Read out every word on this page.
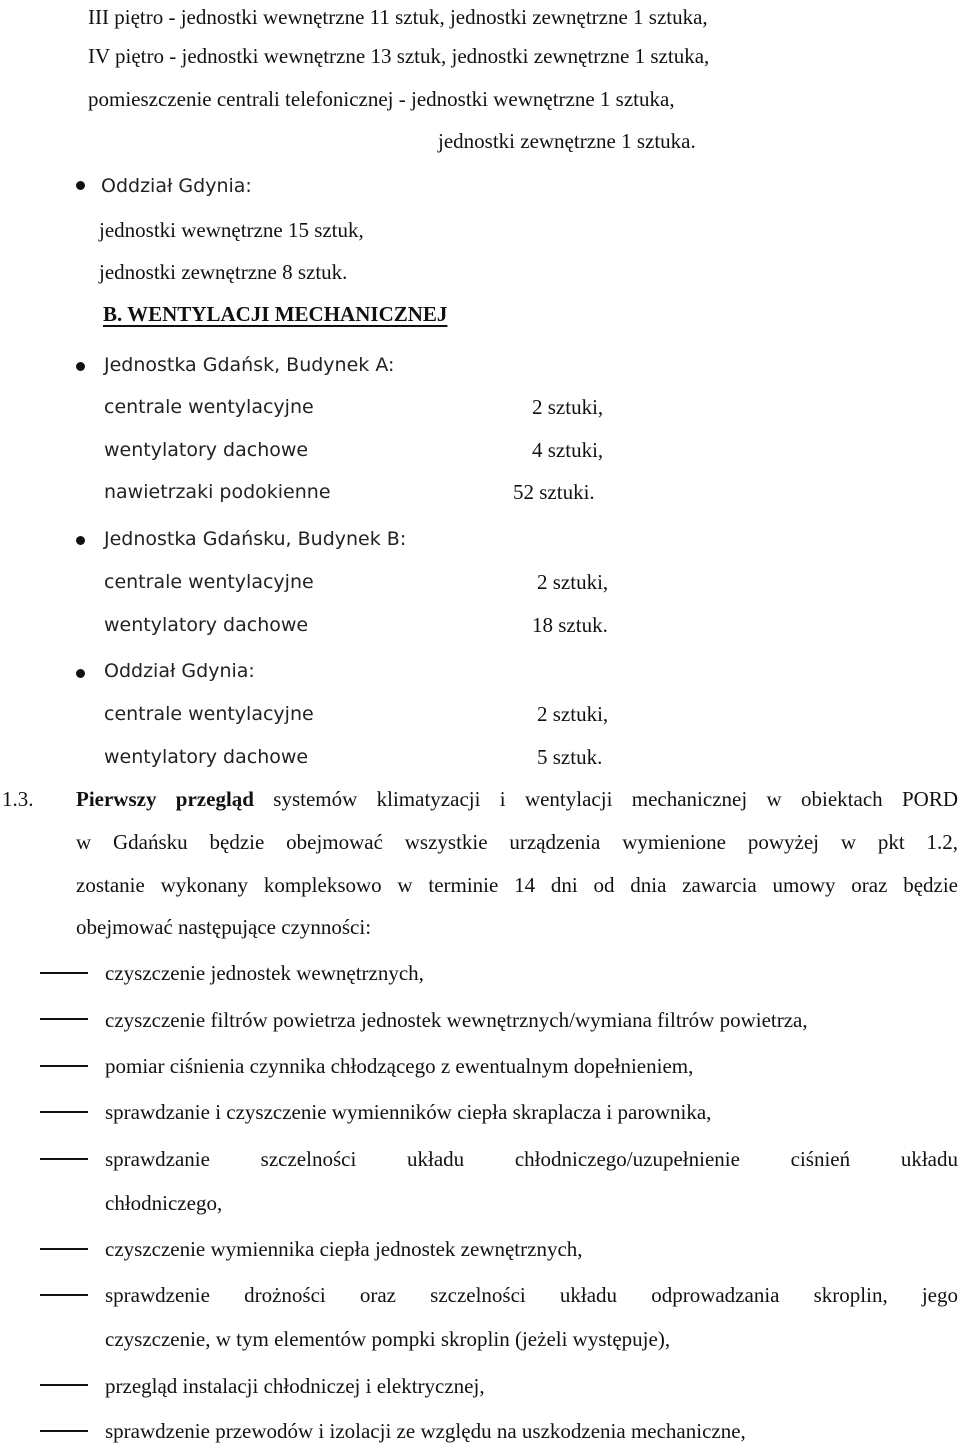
III piętro - jednostki wewnętrzne 11 sztuk, jednostki zewnętrzne 1 sztuka,
IV piętro - jednostki wewnętrzne 13 sztuk, jednostki zewnętrzne 1 sztuka,
pomieszczenie centrali telefonicznej - jednostki wewnętrzne 1 sztuka,
jednostki zewnętrzne 1 sztuka.
Oddział Gdynia:
jednostki wewnętrzne 15 sztuk,
jednostki zewnętrzne 8 sztuk.
B. WENTYLACJI MECHANICZNEJ
Jednostka Gdańsk, Budynek A:
centrale wentylacyjne	2 sztuki,
wentylatory dachowe	4 sztuki,
nawietrzaki podokienne	52 sztuki.
Jednostka Gdańsku, Budynek B:
centrale wentylacyjne	2 sztuki,
wentylatory dachowe	18 sztuk.
Oddział Gdynia:
centrale wentylacyjne	2 sztuki,
wentylatory dachowe	5 sztuk.
1.3. Pierwszy przegląd systemów klimatyzacji i wentylacji mechanicznej w obiektach PORD
w Gdańsku będzie obejmować wszystkie urządzenia wymienione powyżej w pkt 1.2,
zostanie wykonany kompleksowo w terminie 14 dni od dnia zawarcia umowy oraz będzie
obejmować następujące czynności:
czyszczenie jednostek wewnętrznych,
czyszczenie filtrów powietrza jednostek wewnętrznych/wymiana filtrów powietrza,
pomiar ciśnienia czynnika chłodzącego z ewentualnym dopełnieniem,
sprawdzanie i czyszczenie wymienników ciepła skraplacza i parownika,
sprawdzanie szczelności układu chłodniczego/uzupełnienie ciśnień układu
chłodniczego,
czyszczenie wymiennika ciepła jednostek zewnętrznych,
sprawdzenie drożności oraz szczelności układu odprowadzania skroplin, jego
czyszczenie, w tym elementów pompki skroplin (jeżeli występuje),
przegląd instalacji chłodniczej i elektrycznej,
sprawdzenie przewodów i izolacji ze względu na uszkodzenia mechaniczne,
